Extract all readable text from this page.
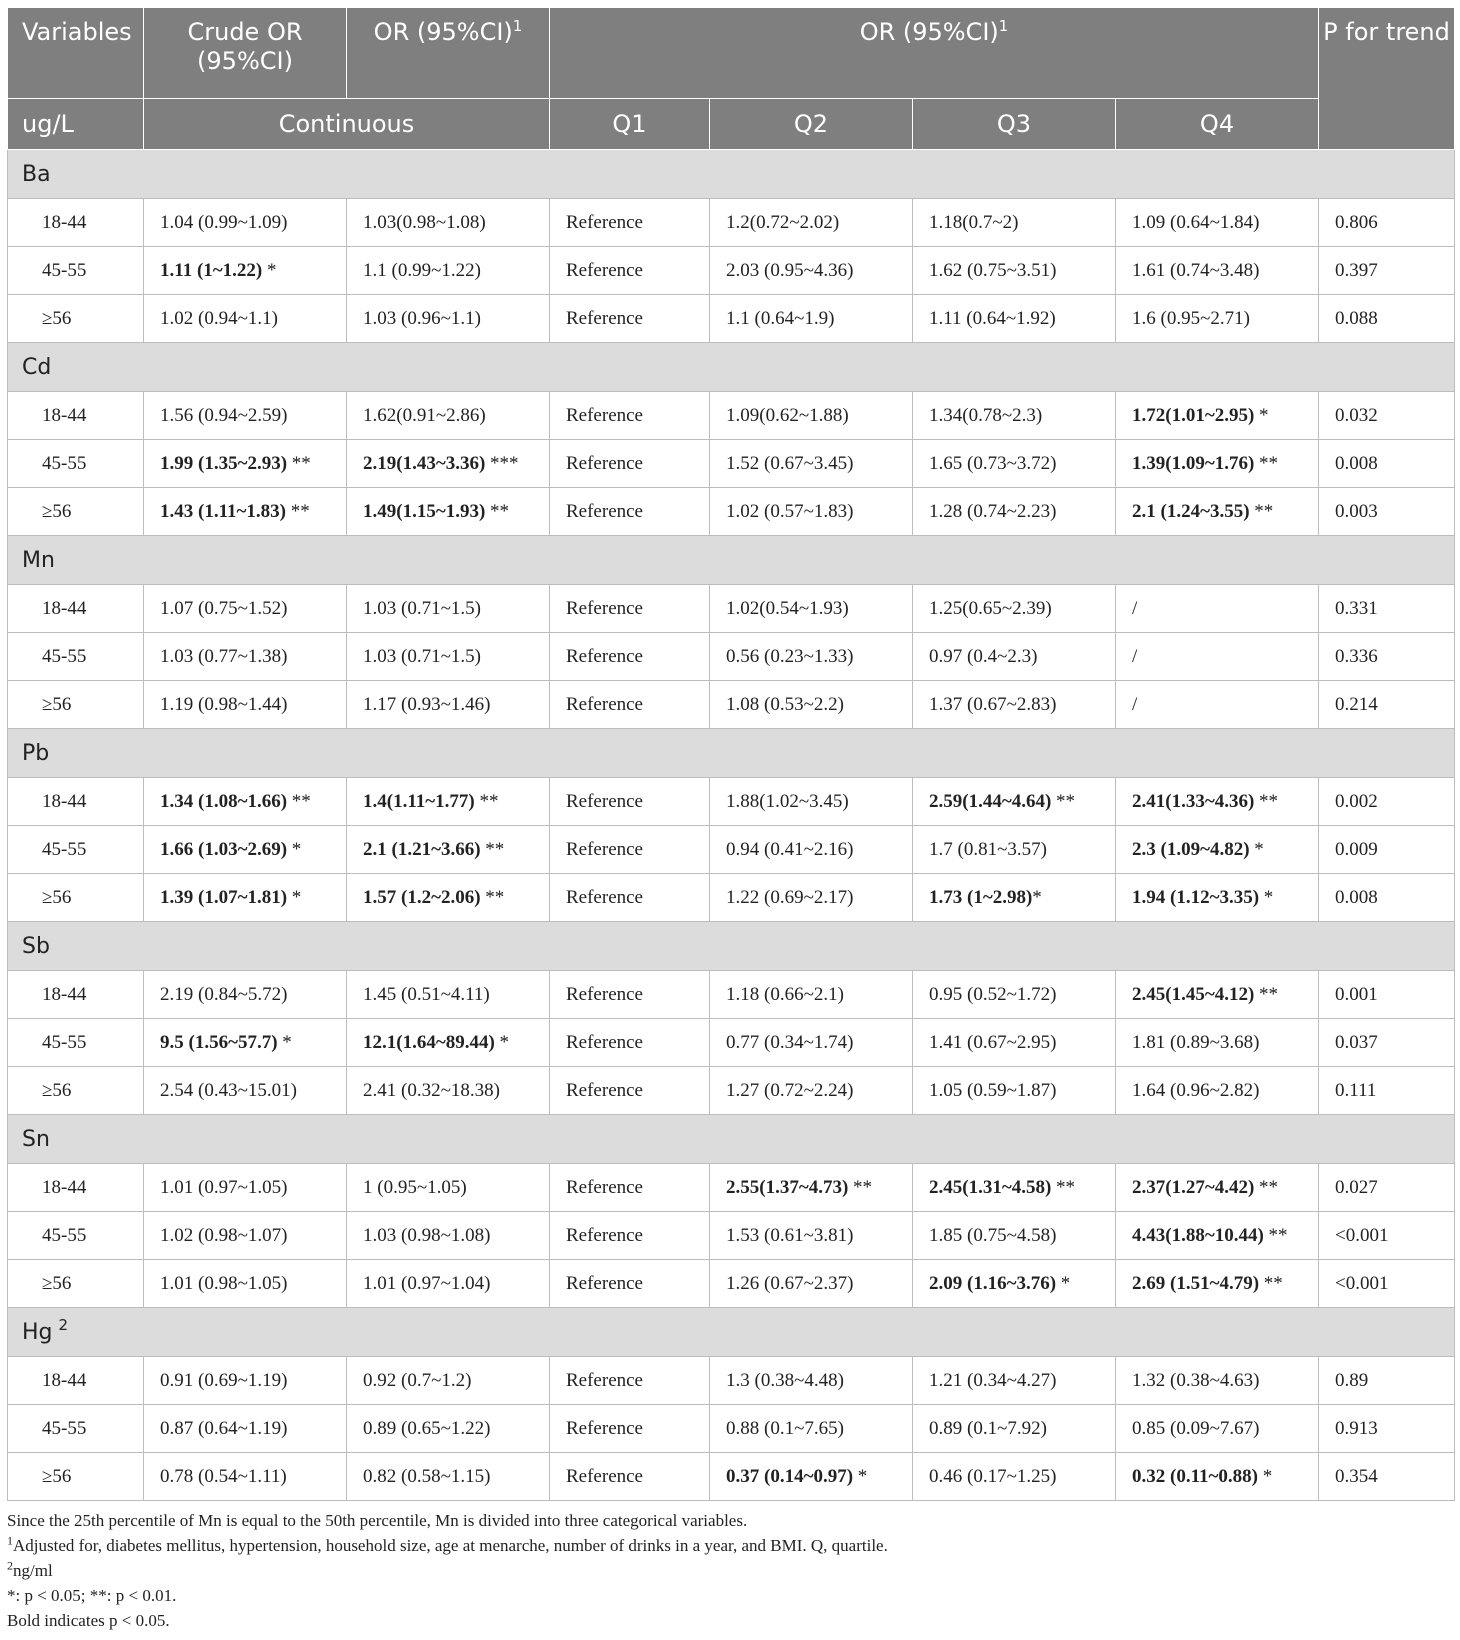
Variables	Crude OR (95%CI)	OR $(95\%CI)^1$	OR $(95\%CI)^1$				P for trend
ug/L	Continuous		Q1	Q2	Q3	Q4	
Ba							
18-44	1.04 (0.99~1.09)	1.03(0.98~1.08)	Reference	1.2(0.72~2.02)	1.18(0.7~2)	1.09 (0.64~1.84)	0.806
45-55	1.11 (1~1.22) *	1.1 (0.99~1.22)	Reference	2.03 (0.95~4.36)	1.62 (0.75~3.51)	1.61 (0.74~3.48)	0.397
≥56	1.02 (0.94~1.1)	1.03 (0.96~1.1)	Reference	1.1 (0.64~1.9)	1.11 (0.64~1.92)	1.6 (0.95~2.71)	0.088
Cd							
18-44	1.56 (0.94~2.59)	1.62(0.91~2.86)	Reference	1.09(0.62~1.88)	1.34(0.78~2.3)	1.72(1.01~2.95) *	0.032
45-55	1.99 (1.35~2.93) **	2.19(1.43~3.36) ***	Reference	1.52 (0.67~3.45)	1.65 (0.73~3.72)	1.39(1.09~1.76) **	0.008
≥56	1.43 (1.11~1.83) **	1.49(1.15~1.93) **	Reference	1.02 (0.57~1.83)	1.28 (0.74~2.23)	2.1 (1.24~3.55) **	0.003
Mn							
18-44	1.07 (0.75~1.52)	1.03 (0.71~1.5)	Reference	1.02(0.54~1.93)	1.25(0.65~2.39)	/	0.331
45-55	1.03 (0.77~1.38)	1.03 (0.71~1.5)	Reference	0.56 (0.23~1.33)	0.97 (0.4~2.3)	/	0.336
≥56	1.19 (0.98~1.44)	1.17 (0.93~1.46)	Reference	1.08 (0.53~2.2)	1.37 (0.67~2.83)	/	0.214
Pb							
18-44	1.34 (1.08~1.66) **	1.4(1.11~1.77) **	Reference	1.88(1.02~3.45)	2.59(1.44~4.64) **	2.41(1.33~4.36) **	0.002
45-55	1.66 (1.03~2.69) *	2.1 (1.21~3.66) **	Reference	0.94 (0.41~2.16)	1.7 (0.81~3.57)	2.3 (1.09~4.82) *	0.009
≥56	1.39 (1.07~1.81) *	1.57 (1.2~2.06) **	Reference	1.22 (0.69~2.17)	1.73 (1~2.98)*	1.94 (1.12~3.35) *	0.008
Sb							
18-44	2.19 (0.84~5.72)	1.45 (0.51~4.11)	Reference	1.18 (0.66~2.1)	0.95 (0.52~1.72)	2.45(1.45~4.12) **	0.001
45-55	9.5 (1.56~57.7) *	12.1(1.64~89.44) *	Reference	0.77 (0.34~1.74)	1.41 (0.67~2.95)	1.81 (0.89~3.68)	0.037
≥56	2.54 (0.43~15.01)	2.41 (0.32~18.38)	Reference	1.27 (0.72~2.24)	1.05 (0.59~1.87)	1.64 (0.96~2.82)	0.111
Sn							
18-44	1.01 (0.97~1.05)	1 (0.95~1.05)	Reference	2.55(1.37~4.73) **	2.45(1.31~4.58) **	2.37(1.27~4.42) **	0.027
45-55	1.02 (0.98~1.07)	1.03 (0.98~1.08)	Reference	1.53 (0.61~3.81)	1.85 (0.75~4.58)	4.43(1.88~10.44) **	<0.001
≥56	1.01 (0.98~1.05)	1.01 (0.97~1.04)	Reference	1.26 (0.67~2.37)	2.09 (1.16~3.76) *	2.69 (1.51~4.79) **	<0.001
Hg $^2$
18-44	0.91 (0.69~1.19)	0.92 (0.7~1.2)	Reference	1.3 (0.38~4.48)	1.21 (0.34~4.27)	1.32 (0.38~4.63)	0.89
45-55	0.87 (0.64~1.19)	0.89 (0.65~1.22)	Reference	0.88 (0.1~7.65)	0.89 (0.1~7.92)	0.85 (0.09~7.67)	0.913
≥56	0.78 (0.54~1.11)	0.82 (0.58~1.15)	Reference	0.37 (0.14~0.97) *	0.46 (0.17~1.25)	0.32 (0.11~0.88) *	0.354
Since the 25th percentile of Mn is equal to the 50th percentile, Mn is divided into three categorical variables.
$^1$Adjusted for, diabetes mellitus, hypertension, household size, age at menarche, number of drinks in a year, and BMI. Q, quartile.
$^2$ng/ml
*: p < 0.05; **: p < 0.01.
Bold indicates p < 0.05.
